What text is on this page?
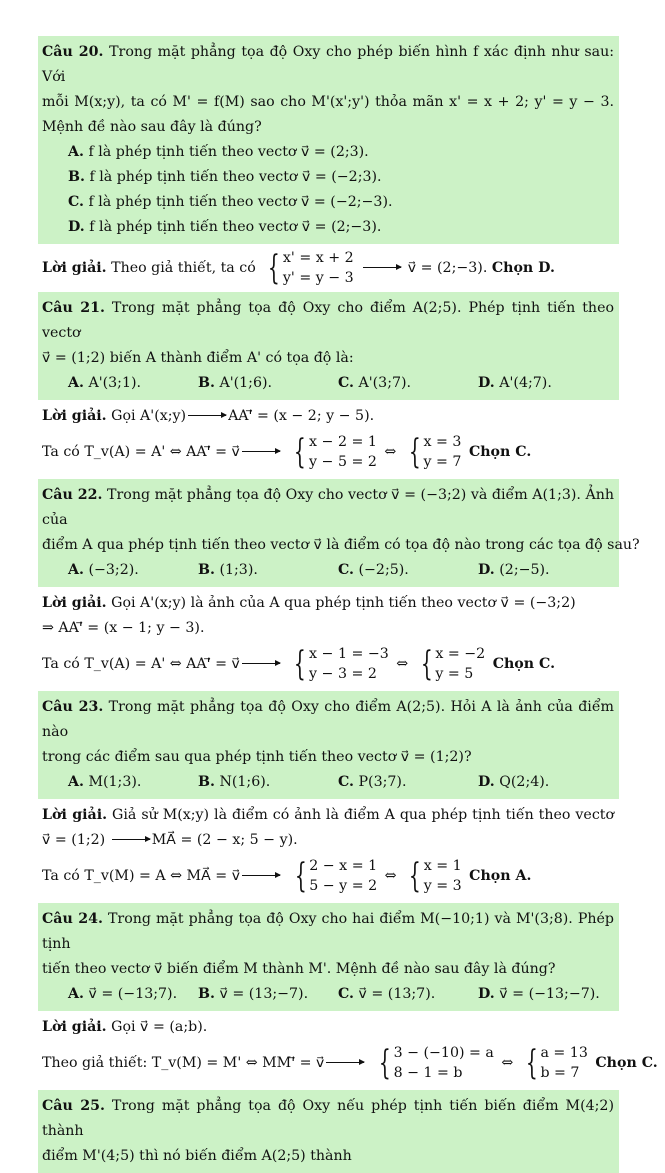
Câu 20. Trong mặt phẳng tọa độ Oxy cho phép biến hình f xác định như sau: Với
mỗi M(x;y), ta có M' = f(M) sao cho M'(x';y') thỏa mãn x' = x + 2; y' = y − 3.
Mệnh đề nào sau đây là đúng?
A. f là phép tịnh tiến theo vectơ v⃗ = (2;3).
B. f là phép tịnh tiến theo vectơ v⃗ = (−2;3).
C. f là phép tịnh tiến theo vectơ v⃗ = (−2;−3).
D. f là phép tịnh tiến theo vectơ v⃗ = (2;−3).
Lời giải. Theo giả thiết, ta có { x' = x + 2
y' = y − 3
v⃗ = (2;−3). Chọn D.
Câu 21. Trong mặt phẳng tọa độ Oxy cho điểm A(2;5). Phép tịnh tiến theo vectơ
v⃗ = (1;2) biến A thành điểm A' có tọa độ là:
A. A'(3;1).	B. A'(1;6).	C. A'(3;7).	D. A'(4;7).
Lời giải. Gọi A'(x;y)	AA'⃗ = (x − 2; y − 5).
Ta có T_v(A) = A' ⇔ AA'⃗ = v⃗ { x − 2 = 1
y − 5 = 2
⇔ { x = 3
y = 7
Chọn C.
Câu 22. Trong mặt phẳng tọa độ Oxy cho vectơ v⃗ = (−3;2) và điểm A(1;3). Ảnh của
điểm A qua phép tịnh tiến theo vectơ v⃗ là điểm có tọa độ nào trong các tọa độ sau?
A. (−3;2).	B. (1;3).	C. (−2;5).	D. (2;−5).
Lời giải. Gọi A'(x;y) là ảnh của A qua phép tịnh tiến theo vectơ v⃗ = (−3;2)
⇒ AA'⃗ = (x − 1; y − 3).
Ta có T_v(A) = A' ⇔ AA'⃗ = v⃗ { x − 1 = −3
y − 3 = 2
⇔ { x = −2
y = 5
Chọn C.
Câu 23. Trong mặt phẳng tọa độ Oxy cho điểm A(2;5). Hỏi A là ảnh của điểm nào
trong các điểm sau qua phép tịnh tiến theo vectơ v⃗ = (1;2)?
A. M(1;3).	B. N(1;6).	C. P(3;7).	D. Q(2;4).
Lời giải. Giả sử M(x;y) là điểm có ảnh là điểm A qua phép tịnh tiến theo vectơ
v⃗ = (1;2)	MA⃗ = (2 − x; 5 − y).
Ta có T_v(M) = A ⇔ MA⃗ = v⃗ { 2 − x = 1
5 − y = 2
⇔ { x = 1
y = 3
Chọn A.
Câu 24. Trong mặt phẳng tọa độ Oxy cho hai điểm M(−10;1) và M'(3;8). Phép tịnh
tiến theo vectơ v⃗ biến điểm M thành M'. Mệnh đề nào sau đây là đúng?
A. v⃗ = (−13;7).	B. v⃗ = (13;−7).	C. v⃗ = (13;7).	D. v⃗ = (−13;−7).
Lời giải. Gọi v⃗ = (a;b).
Theo giả thiết: T_v(M) = M' ⇔ MM'⃗ = v⃗ { 3 − (−10) = a
8 − 1 = b
⇔ { a = 13
b = 7
Chọn C.
Câu 25. Trong mặt phẳng tọa độ Oxy nếu phép tịnh tiến biến điểm M(4;2) thành
điểm M'(4;5) thì nó biến điểm A(2;5) thành
